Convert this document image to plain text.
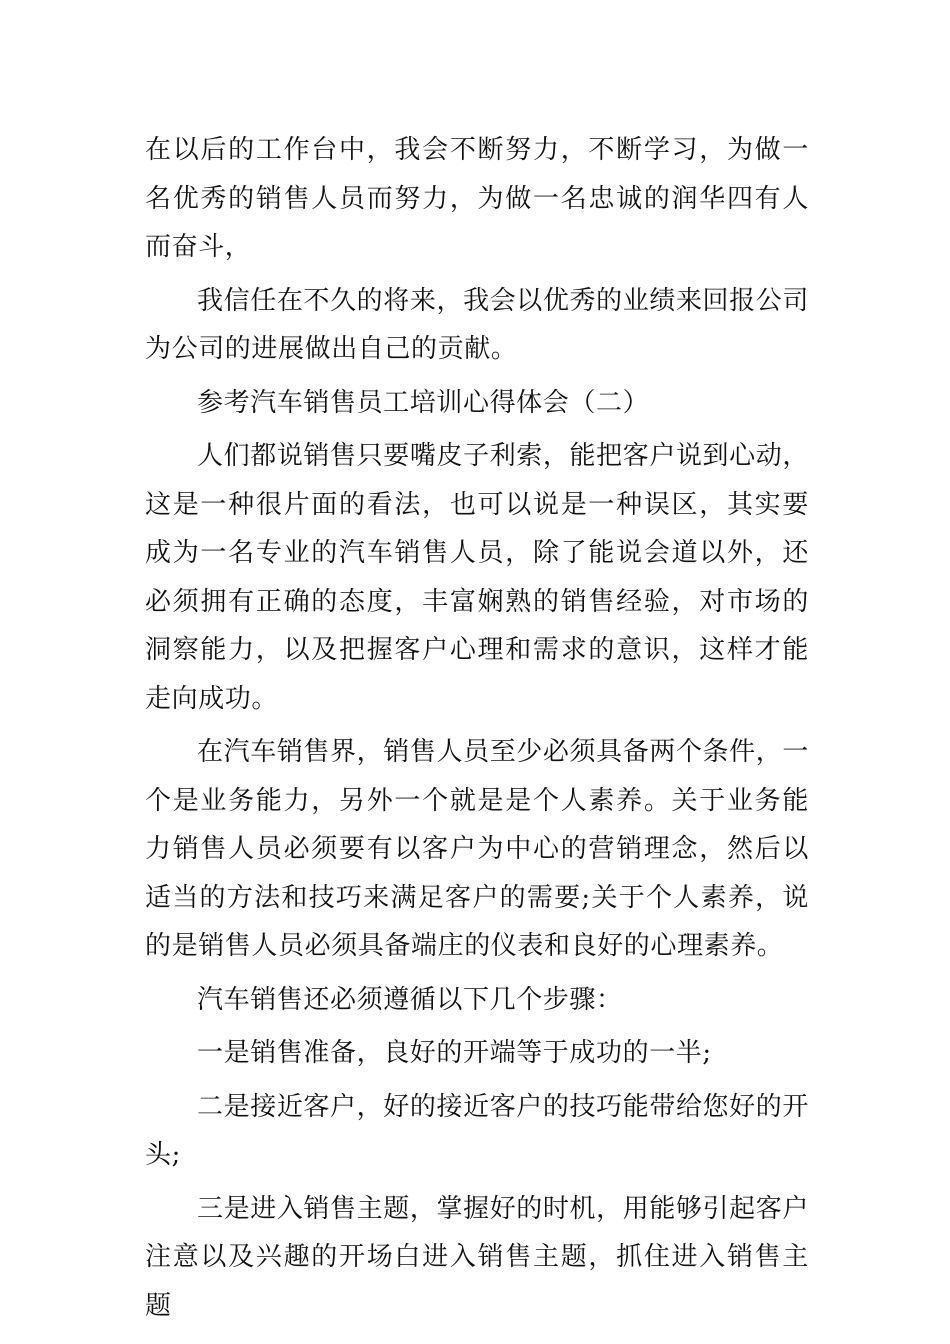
在以后的工作台中，我会不断努力，不断学习，为做一名优秀的销售人员而努力，为做一名忠诚的润华四有人而奋斗，

我信任在不久的将来，我会以优秀的业绩来回报公司为公司的进展做出自己的贡献。

参考汽车销售员工培训心得体会（二）

人们都说销售只要嘴皮子利索，能把客户说到心动，这是一种很片面的看法，也可以说是一种误区，其实要成为一名专业的汽车销售人员，除了能说会道以外，还必须拥有正确的态度，丰富娴熟的销售经验，对市场的洞察能力，以及把握客户心理和需求的意识，这样才能走向成功。

在汽车销售界，销售人员至少必须具备两个条件，一个是业务能力，另外一个就是是个人素养。关于业务能力销售人员必须要有以客户为中心的营销理念，然后以适当的方法和技巧来满足客户的需要;关于个人素养，说的是销售人员必须具备端庄的仪表和良好的心理素养。

汽车销售还必须遵循以下几个步骤：

一是销售准备，良好的开端等于成功的一半;

二是接近客户，好的接近客户的技巧能带给您好的开头;

三是进入销售主题，掌握好的时机，用能够引起客户注意以及兴趣的开场白进入销售主题，抓住进入销售主题
